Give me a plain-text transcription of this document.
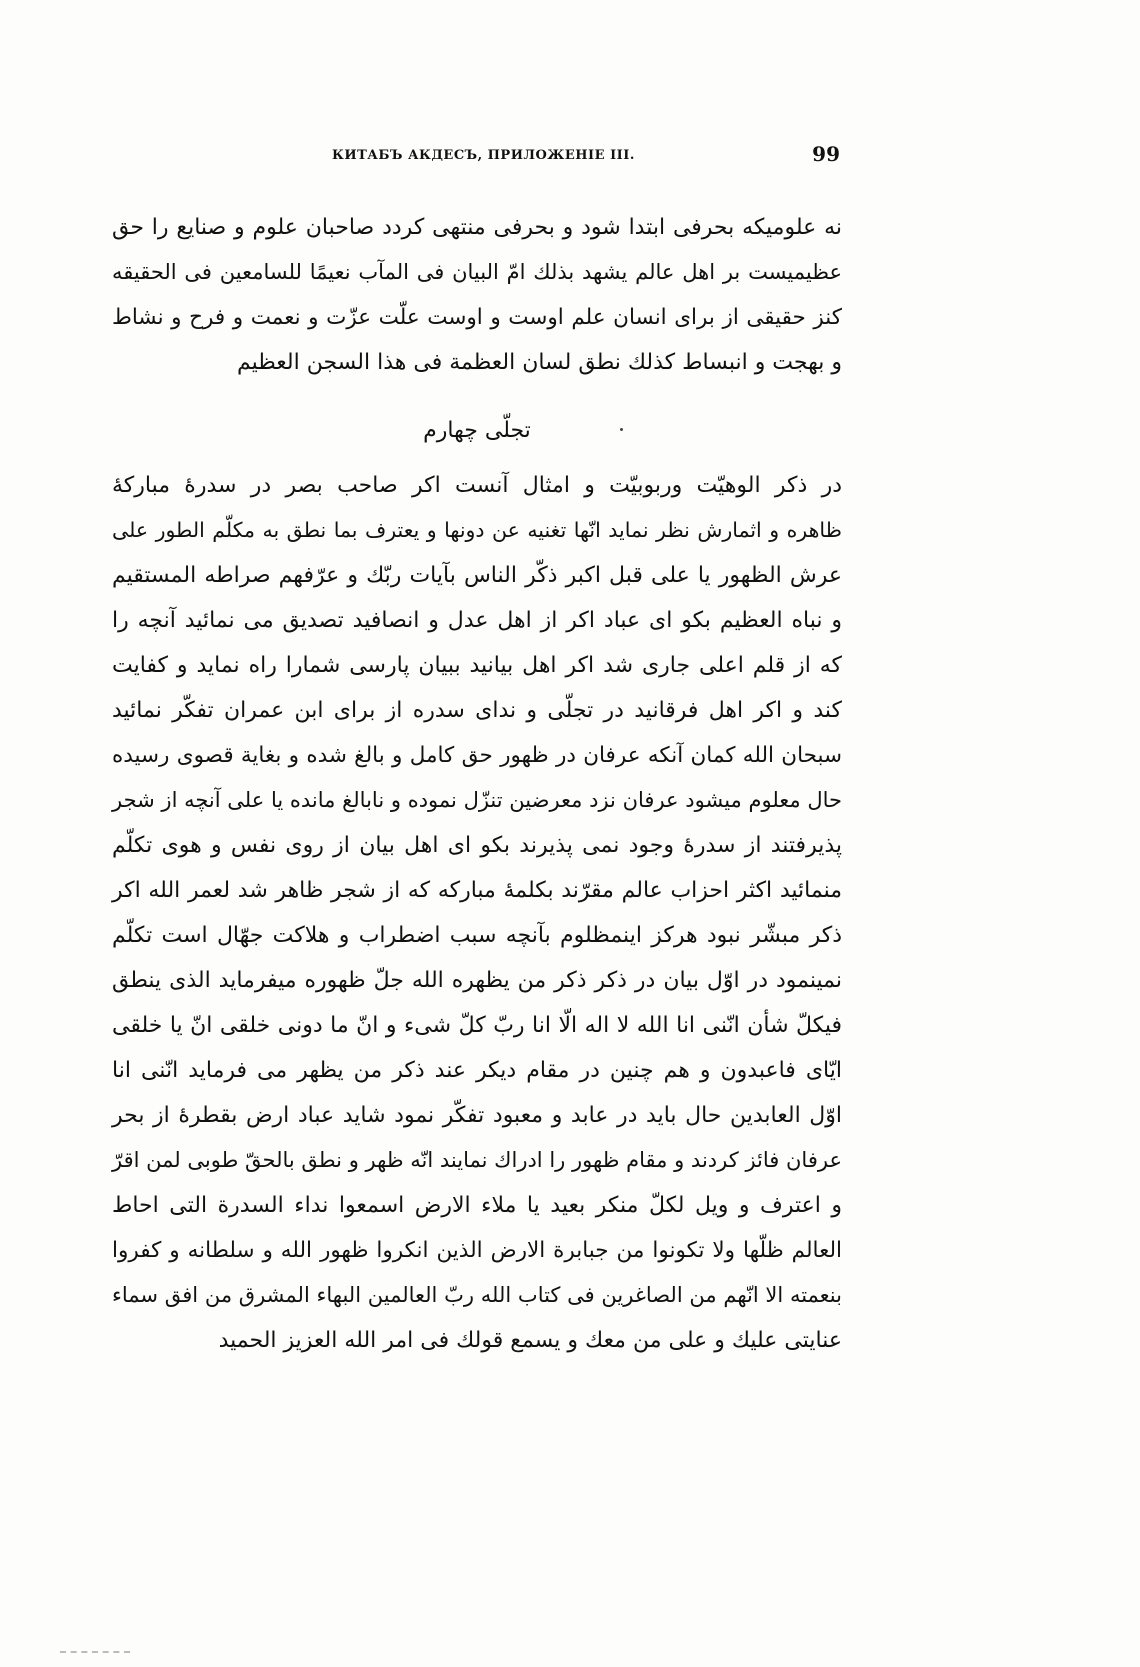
КИТАБЪ АКДЕСЪ, ПРИЛОЖЕНІЕ III.	99
نه علومیکه بحرفی ابتدا شود و بحرفی منتهی کردد صاحبان علوم و صنایع را حق
عظیمیست بر اهل عالم یشهد بذلك امّ البیان فی المآب نعیمًا للسامعین فی الحقیقه
کنز حقیقی از برای انسان علم اوست و اوست علّت عزّت و نعمت و فرح و نشاط
و بهجت و انبساط کذلك نطق لسان العظمة فی هذا السجن العظیم
تجلّی چهارم
در ذکر الوهیّت وربوبیّت و امثال آنست اکر صاحب بصر در سدرهٔ مبارکهٔ
ظاهره و اثمارش نظر نماید انّها تغنیه عن دونها و یعترف بما نطق به مکلّم الطور علی
عرش الظهور یا علی قبل اکبر ذکّر الناس بآیات ربّك و عرّفهم صراطه المستقیم
و نباه العظیم بکو ای عباد اکر از اهل عدل و انصافید تصدیق می نمائید آنچه را
که از قلم اعلی جاری شد اکر اهل بیانید ببیان پارسی شمارا راه نماید و کفایت
کند و اکر اهل فرقانید در تجلّی و ندای سدره از برای ابن عمران تفکّر نمائید
سبحان الله کمان آنکه عرفان در ظهور حق کامل و بالغ شده و بغایة قصوی رسیده
حال معلوم میشود عرفان نزد معرضین تنزّل نموده و نابالغ مانده یا علی آنچه از شجر
پذیرفتند از سدرهٔ وجود نمی پذیرند بکو ای اهل بیان از روی نفس و هوی تکلّم
منمائید اکثر احزاب عالم مقرّند بکلمهٔ مبارکه که از شجر ظاهر شد لعمر الله اکر
ذکر مبشّر نبود هرکز اینمظلوم بآنچه سبب اضطراب و هلاکت جهّال است تکلّم
نمینمود در اوّل بیان در ذکر ذکر من یظهره الله جلّ ظهوره میفرماید الذی ینطق
فیکلّ شأن انّنی انا الله لا اله الّا انا ربّ کلّ شیء و انّ ما دونی خلقی انّ یا خلقی
ایّای فاعبدون و هم چنین در مقام دیکر عند ذکر من یظهر می فرماید انّنی انا
اوّل العابدین حال باید در عابد و معبود تفکّر نمود شاید عباد ارض بقطرهٔ از بحر
عرفان فائز کردند و مقام ظهور را ادراك نمایند انّه ظهر و نطق بالحقّ طوبی لمن اقرّ
و اعترف و ویل لکلّ منکر بعید یا ملاء الارض اسمعوا نداء السدرة التی احاط
العالم ظلّها ولا تکونوا من جبابرة الارض الذین انکروا ظهور الله و سلطانه و کفروا
بنعمته الا انّهم من الصاغرین فی کتاب الله ربّ العالمین البهاء المشرق من افق سماء
عنایتی علیك و علی من معك و یسمع قولك فی امر الله العزیز الحمید
